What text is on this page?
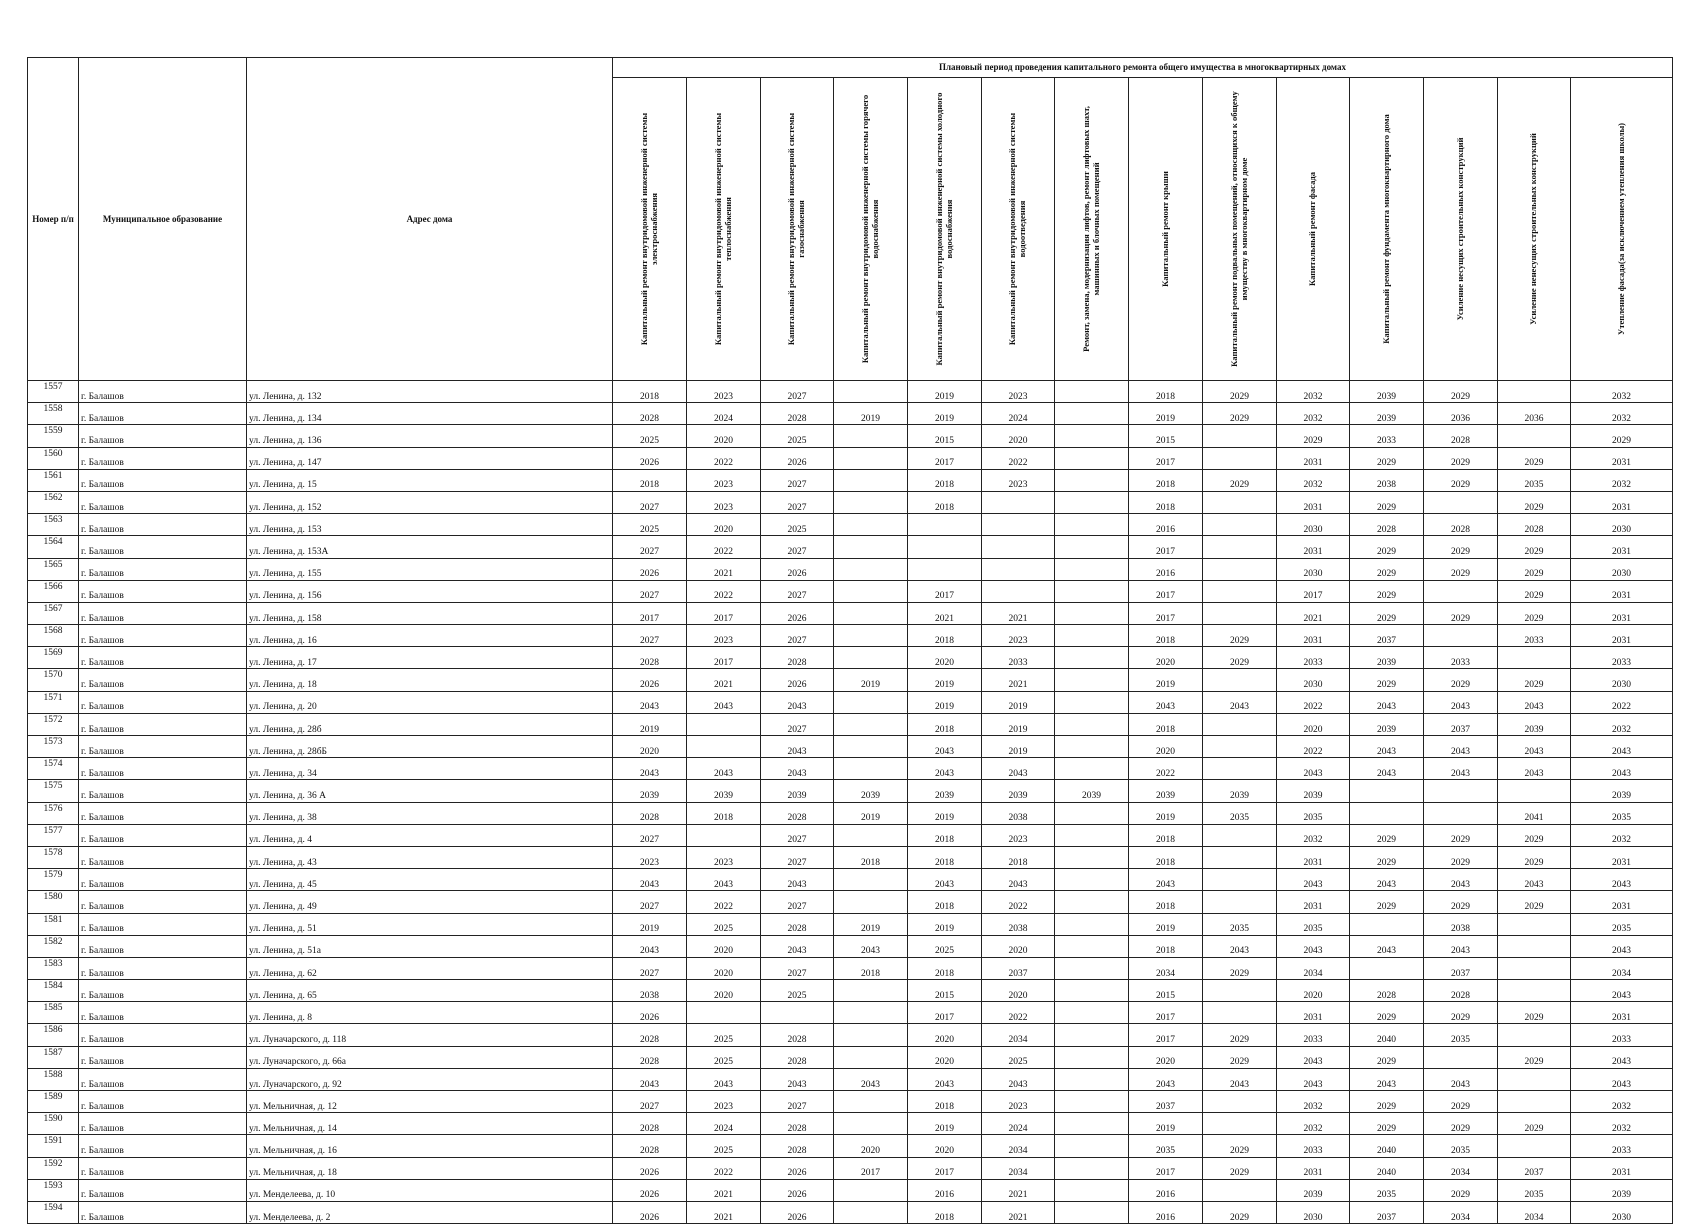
Номер п/п	Муниципальное образование	Адрес дома	Плановый период проведения капитального ремонта общего имущества в многоквартирных домах													

			Капитальный ремонт внутридомовой инженерной системы электроснабжения	Капитальный ремонт внутридомовой инженерной системы теплоснабжения	Капитальный ремонт внутридомовой инженерной системы газоснабжения	Капитальный ремонт внутридомовой инженерной системы горячего водоснабжения	Капитальный ремонт внутридомовой инженерной системы холодного водоснабжения	Капитальный ремонт внутридомовой инженерной системы водоотведения	Ремонт, замена, модернизация лифтов, ремонт лифтовых шахт, машинных и блочных помещений	Капитальный ремонт крыши	Капитальный ремонт подвальных помещений, относящихся к общему имуществу в многоквартирном доме	Капитальный ремонт фасада	Капитальный ремонт фундамента многоквартирного дома	Усиление несущих строительных конструкций	Усиление ненесущих строительных конструкций	Утепление фасада(за исключением утепления школы)

1557	г. Балашов	ул. Ленина, д. 132	2018	2023	2027		2019	2023		2018	2029	2032	2039	2029		2032
1558	г. Балашов	ул. Ленина, д. 134	2028	2024	2028	2019	2019	2024		2019	2029	2032	2039	2036	2036	2032
1559	г. Балашов	ул. Ленина, д. 136	2025	2020	2025		2015	2020		2015		2029	2033	2028		2029
1560	г. Балашов	ул. Ленина, д. 147	2026	2022	2026		2017	2022		2017		2031	2029	2029	2029	2031
1561	г. Балашов	ул. Ленина, д. 15	2018	2023	2027		2018	2023		2018	2029	2032	2038	2029	2035	2032
1562	г. Балашов	ул. Ленина, д. 152	2027	2023	2027		2018			2018		2031	2029		2029	2031
1563	г. Балашов	ул. Ленина, д. 153	2025	2020	2025					2016		2030	2028	2028	2028	2030
1564	г. Балашов	ул. Ленина, д. 153А	2027	2022	2027					2017		2031	2029	2029	2029	2031
1565	г. Балашов	ул. Ленина, д. 155	2026	2021	2026					2016		2030	2029	2029	2029	2030
1566	г. Балашов	ул. Ленина, д. 156	2027	2022	2027		2017			2017		2017	2029		2029	2031
1567	г. Балашов	ул. Ленина, д. 158	2017	2017	2026		2021	2021		2017		2021	2029	2029	2029	2031
1568	г. Балашов	ул. Ленина, д. 16	2027	2023	2027		2018	2023		2018	2029	2031	2037		2033	2031
1569	г. Балашов	ул. Ленина, д. 17	2028	2017	2028		2020	2033		2020	2029	2033	2039	2033		2033
1570	г. Балашов	ул. Ленина, д. 18	2026	2021	2026	2019	2019	2021		2019		2030	2029	2029	2029	2030
1571	г. Балашов	ул. Ленина, д. 20	2043	2043	2043		2019	2019		2043	2043	2022	2043	2043	2043	2022
1572	г. Балашов	ул. Ленина, д. 28б	2019		2027		2018	2019		2018		2020	2039	2037	2039	2032
1573	г. Балашов	ул. Ленина, д. 28бБ	2020		2043		2043	2019		2020		2022	2043	2043	2043	2043
1574	г. Балашов	ул. Ленина, д. 34	2043	2043	2043		2043	2043		2022		2043	2043	2043	2043	2043
1575	г. Балашов	ул. Ленина, д. 36 А	2039	2039	2039	2039	2039	2039	2039	2039	2039	2039				2039
1576	г. Балашов	ул. Ленина, д. 38	2028	2018	2028	2019	2019	2038		2019	2035	2035			2041	2035
1577	г. Балашов	ул. Ленина, д. 4	2027		2027		2018	2023		2018		2032	2029	2029	2029	2032
1578	г. Балашов	ул. Ленина, д. 43	2023	2023	2027	2018	2018	2018		2018		2031	2029	2029	2029	2031
1579	г. Балашов	ул. Ленина, д. 45	2043	2043	2043		2043	2043		2043		2043	2043	2043	2043	2043
1580	г. Балашов	ул. Ленина, д. 49	2027	2022	2027		2018	2022		2018		2031	2029	2029	2029	2031
1581	г. Балашов	ул. Ленина, д. 51	2019	2025	2028	2019	2019	2038		2019	2035	2035		2038		2035
1582	г. Балашов	ул. Ленина, д. 51а	2043	2020	2043	2043	2025	2020		2018	2043	2043	2043	2043		2043
1583	г. Балашов	ул. Ленина, д. 62	2027	2020	2027	2018	2018	2037		2034	2029	2034		2037		2034
1584	г. Балашов	ул. Ленина, д. 65	2038	2020	2025		2015	2020		2015		2020	2028	2028		2043
1585	г. Балашов	ул. Ленина, д. 8	2026				2017	2022		2017		2031	2029	2029	2029	2031
1586	г. Балашов	ул. Луначарского, д. 118	2028	2025	2028		2020	2034		2017	2029	2033	2040	2035		2033
1587	г. Балашов	ул. Луначарского, д. 66а	2028	2025	2028		2020	2025		2020	2029	2043	2029		2029	2043
1588	г. Балашов	ул. Луначарского, д. 92	2043	2043	2043	2043	2043	2043		2043	2043	2043	2043	2043		2043
1589	г. Балашов	ул. Мельничная, д. 12	2027	2023	2027		2018	2023		2037		2032	2029	2029		2032
1590	г. Балашов	ул. Мельничная, д. 14	2028	2024	2028		2019	2024		2019		2032	2029	2029	2029	2032
1591	г. Балашов	ул. Мельничная, д. 16	2028	2025	2028	2020	2020	2034		2035	2029	2033	2040	2035		2033
1592	г. Балашов	ул. Мельничная, д. 18	2026	2022	2026	2017	2017	2034		2017	2029	2031	2040	2034	2037	2031
1593	г. Балашов	ул. Менделеева, д. 10	2026	2021	2026		2016	2021		2016		2039	2035	2029	2035	2039
1594	г. Балашов	ул. Менделеева, д. 2	2026	2021	2026		2018	2021		2016	2029	2030	2037	2034	2034	2030
